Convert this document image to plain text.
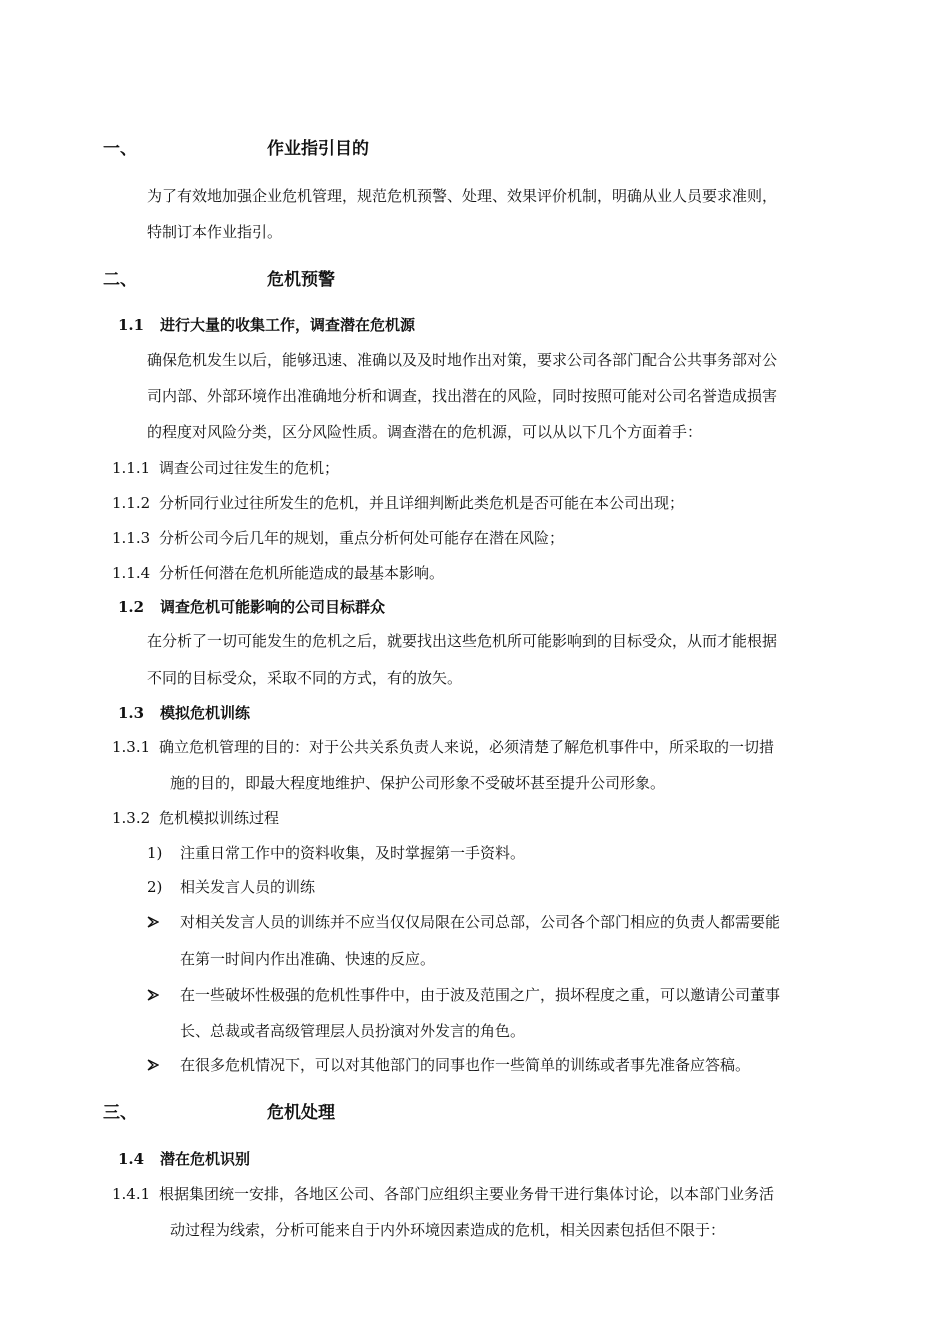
一、	作业指引目的
为了有效地加强企业危机管理，规范危机预警、处理、效果评价机制，明确从业人员要求准则，
特制订本作业指引。
二、	危机预警
1.1 进行大量的收集工作，调查潜在危机源
确保危机发生以后，能够迅速、准确以及及时地作出对策，要求公司各部门配合公共事务部对公
司内部、外部环境作出准确地分析和调查，找出潜在的风险，同时按照可能对公司名誉造成损害
的程度对风险分类，区分风险性质。调查潜在的危机源，可以从以下几个方面着手：
1.1.1 调查公司过往发生的危机；
1.1.2 分析同行业过往所发生的危机，并且详细判断此类危机是否可能在本公司出现；
1.1.3 分析公司今后几年的规划，重点分析何处可能存在潜在风险；
1.1.4 分析任何潜在危机所能造成的最基本影响。
1.2 调查危机可能影响的公司目标群众
在分析了一切可能发生的危机之后，就要找出这些危机所可能影响到的目标受众，从而才能根据
不同的目标受众，采取不同的方式，有的放矢。
1.3 模拟危机训练
1.3.1 确立危机管理的目的：对于公共关系负责人来说，必须清楚了解危机事件中，所采取的一切措
施的目的，即最大程度地维护、保护公司形象不受破坏甚至提升公司形象。
1.3.2 危机模拟训练过程
1) 注重日常工作中的资料收集，及时掌握第一手资料。
2) 相关发言人员的训练
对相关发言人员的训练并不应当仅仅局限在公司总部，公司各个部门相应的负责人都需要能
在第一时间内作出准确、快速的反应。
在一些破坏性极强的危机性事件中，由于波及范围之广，损坏程度之重，可以邀请公司董事
长、总裁或者高级管理层人员扮演对外发言的角色。
在很多危机情况下，可以对其他部门的同事也作一些简单的训练或者事先准备应答稿。
三、	危机处理
1.4 潜在危机识别
1.4.1 根据集团统一安排，各地区公司、各部门应组织主要业务骨干进行集体讨论，以本部门业务活
动过程为线索，分析可能来自于内外环境因素造成的危机，相关因素包括但不限于：
